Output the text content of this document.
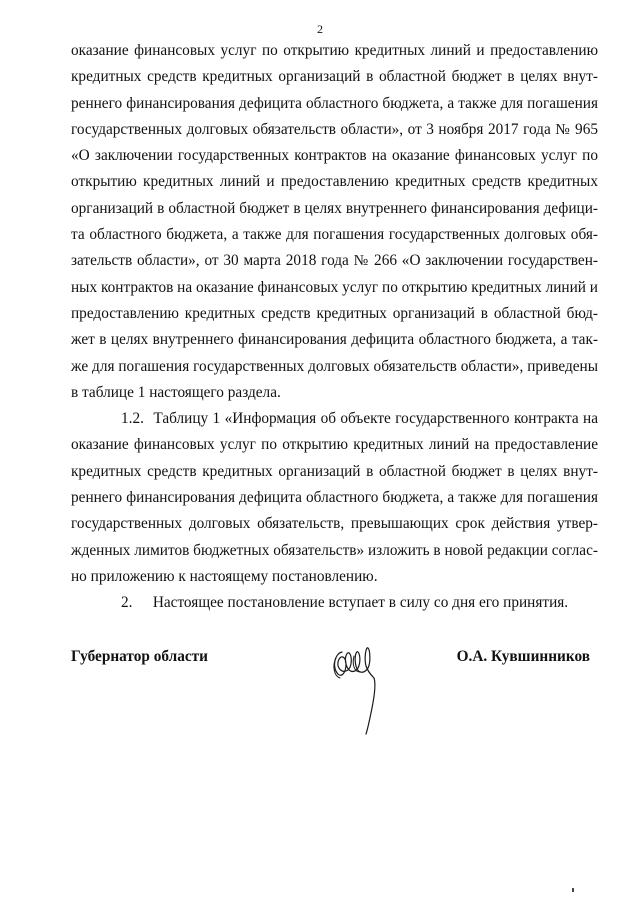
2

оказание финансовых услуг по открытию кредитных линий и предоставлению кредитных средств кредитных организаций в областной бюджет в целях внутреннего финансирования дефицита областного бюджета, а также для погашения государственных долговых обязательств области», от 3 ноября 2017 года № 965 «О заключении государственных контрактов на оказание финансовых услуг по открытию кредитных линий и предоставлению кредитных средств кредитных организаций в областной бюджет в целях внутреннего финансирования дефицита областного бюджета, а также для погашения государственных долговых обязательств области», от 30 марта 2018 года № 266 «О заключении государственных контрактов на оказание финансовых услуг по открытию кредитных линий и предоставлению кредитных средств кредитных организаций в областной бюджет в целях внутреннего финансирования дефицита областного бюджета, а также для погашения государственных долговых обязательств области», приведены в таблице 1 настоящего раздела.

1.2. Таблицу 1 «Информация об объекте государственного контракта на оказание финансовых услуг по открытию кредитных линий на предоставление кредитных средств кредитных организаций в областной бюджет в целях внутреннего финансирования дефицита областного бюджета, а также для погашения государственных долговых обязательств, превышающих срок действия утвержденных лимитов бюджетных обязательств» изложить в новой редакции согласно приложению к настоящему постановлению.

2. Настоящее постановление вступает в силу со дня его принятия.

Губернатор области	О.А. Кувшинников
